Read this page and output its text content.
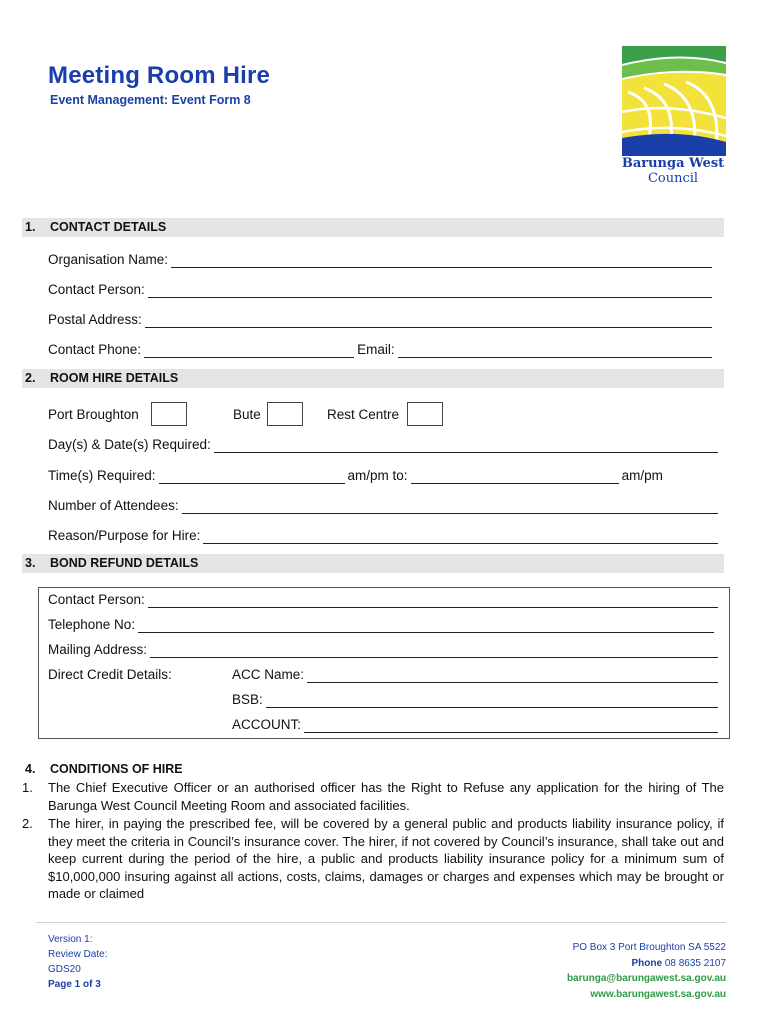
Meeting Room Hire
Event Management: Event Form 8
Barunga West
Council
1. CONTACT DETAILS
Organisation Name:
Contact Person:
Postal Address:
Contact Phone:	Email:
2. ROOM HIRE DETAILS
Port Broughton	Bute	Rest Centre
Day(s) & Date(s) Required:
Time(s) Required:	am/pm to:	am/pm
Number of Attendees:
Reason/Purpose for Hire:
3. BOND REFUND DETAILS
Contact Person:
Telephone No:
Mailing Address:
Direct Credit Details:	ACC Name:
BSB:
ACCOUNT:
4. CONDITIONS OF HIRE
1.	The Chief Executive Officer or an authorised officer has the Right to Refuse any application for the hiring of The Barunga West Council Meeting Room and associated facilities.
2.	The hirer, in paying the prescribed fee, will be covered by a general public and products liability insurance policy, if they meet the criteria in Council’s insurance cover. The hirer, if not covered by Council’s insurance, shall take out and keep current during the period of the hire, a public and products liability insurance policy for a minimum sum of $10,000,000 insuring against all actions, costs, claims, damages or charges and expenses which may be brought or made or claimed
Version 1:
Review Date:
GDS20
Page 1 of 3
PO Box 3 Port Broughton SA 5522
Phone 08 8635 2107
barunga@barungawest.sa.gov.au
www.barungawest.sa.gov.au
